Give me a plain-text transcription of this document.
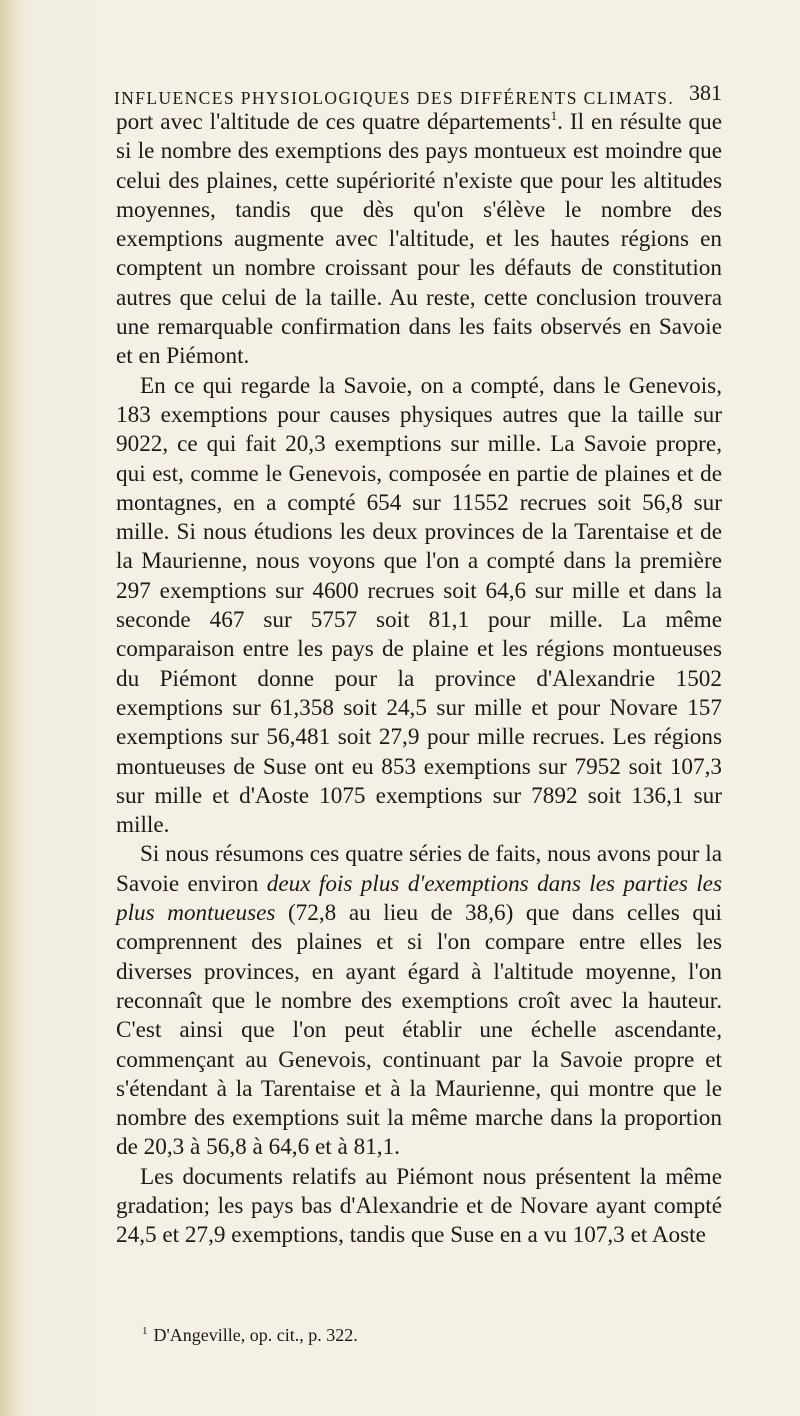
INFLUENCES PHYSIOLOGIQUES DES DIFFÉRENTS CLIMATS. 381

port avec l'altitude de ces quatre départements$^1$. Il en résulte que si le nombre des exemptions des pays montueux est moindre que celui des plaines, cette supériorité n'existe que pour les altitudes moyennes, tandis que dès qu'on s'élève le nombre des exemptions augmente avec l'altitude, et les hautes régions en comptent un nombre croissant pour les défauts de constitution autres que celui de la taille. Au reste, cette conclusion trouvera une remarquable confirmation dans les faits observés en Savoie et en Piémont.

En ce qui regarde la Savoie, on a compté, dans le Genevois, 183 exemptions pour causes physiques autres que la taille sur 9022, ce qui fait 20,3 exemptions sur mille. La Savoie propre, qui est, comme le Genevois, composée en partie de plaines et de montagnes, en a compté 654 sur 11552 recrues soit 56,8 sur mille. Si nous étudions les deux provinces de la Tarentaise et de la Maurienne, nous voyons que l'on a compté dans la première 297 exemptions sur 4600 recrues soit 64,6 sur mille et dans la seconde 467 sur 5757 soit 81,1 pour mille. La même comparaison entre les pays de plaine et les régions montueuses du Piémont donne pour la province d'Alexandrie 1502 exemptions sur 61,358 soit 24,5 sur mille et pour Novare 157 exemptions sur 56,481 soit 27,9 pour mille recrues. Les régions montueuses de Suse ont eu 853 exemptions sur 7952 soit 107,3 sur mille et d'Aoste 1075 exemptions sur 7892 soit 136,1 sur mille.

Si nous résumons ces quatre séries de faits, nous avons pour la Savoie environ deux fois plus d'exemptions dans les parties les plus montueuses (72,8 au lieu de 38,6) que dans celles qui comprennent des plaines et si l'on compare entre elles les diverses provinces, en ayant égard à l'altitude moyenne, l'on reconnaît que le nombre des exemptions croît avec la hauteur. C'est ainsi que l'on peut établir une échelle ascendante, commençant au Genevois, continuant par la Savoie propre et s'étendant à la Tarentaise et à la Maurienne, qui montre que le nombre des exemptions suit la même marche dans la proportion de 20,3 à 56,8 à 64,6 et à 81,1.

Les documents relatifs au Piémont nous présentent la même gradation; les pays bas d'Alexandrie et de Novare ayant compté 24,5 et 27,9 exemptions, tandis que Suse en a vu 107,3 et Aoste

$^1$ D'Angeville, op. cit., p. 322.
